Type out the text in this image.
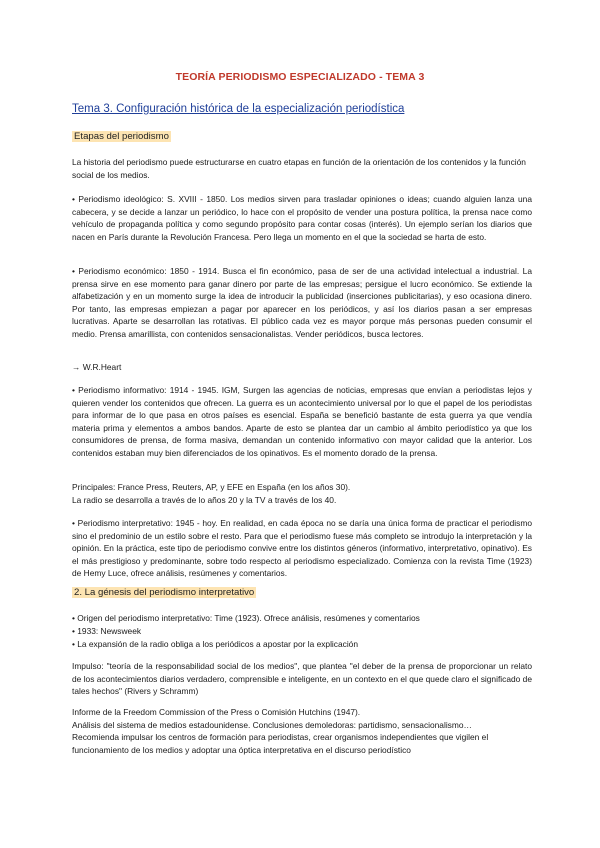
TEORÍA PERIODISMO ESPECIALIZADO - TEMA 3
Tema 3. Configuración histórica de la especialización periodística
Etapas del periodismo

La historia del periodismo puede estructurarse en cuatro etapas en función de la orientación de los contenidos y la función social de los medios.

• Periodismo ideológico: S. XVIII - 1850. Los medios sirven para trasladar opiniones o ideas; cuando alguien lanza una cabecera, y se decide a lanzar un periódico, lo hace con el propósito de vender una postura política, la prensa nace como vehículo de propaganda política y como segundo propósito para contar cosas (interés). Un ejemplo serían los diarios que nacen en París durante la Revolución Francesa. Pero llega un momento en el que la sociedad se harta de esto.

• Periodismo económico: 1850 - 1914. Busca el fin económico, pasa de ser de una actividad intelectual a industrial. La prensa sirve en ese momento para ganar dinero por parte de las empresas; persigue el lucro económico. Se extiende la alfabetización y en un momento surge la idea de introducir la publicidad (inserciones publicitarias), y eso ocasiona dinero. Por tanto, las empresas empiezan a pagar por aparecer en los periódicos, y así los diarios pasan a ser empresas lucrativas. Aparte se desarrollan las rotativas. El público cada vez es mayor porque más personas pueden consumir el medio. Prensa amarillista, con contenidos sensacionalistas. Vender periódicos, busca lectores.

→ W.R.Heart

• Periodismo informativo: 1914 - 1945. IGM, Surgen las agencias de noticias, empresas que envían a periodistas lejos y quieren vender los contenidos que ofrecen. La guerra es un acontecimiento universal por lo que el papel de los periodistas para informar de lo que pasa en otros países es esencial. España se benefició bastante de esta guerra ya que vendía materia prima y elementos a ambos bandos. Aparte de esto se plantea dar un cambio al ámbito periodístico ya que los consumidores de prensa, de forma masiva, demandan un contenido informativo con mayor calidad que la anterior. Los contenidos estaban muy bien diferenciados de los opinativos. Es el momento dorado de la prensa.

Principales: France Press, Reuters, AP, y EFE en España (en los años 30).

La radio se desarrolla a través de lo años 20 y la TV a través de los 40.

• Periodismo interpretativo: 1945 - hoy. En realidad, en cada época no se daría una única forma de practicar el periodismo sino el predominio de un estilo sobre el resto. Para que el periodismo fuese más completo se introdujo la interpretación y la opinión. En la práctica, este tipo de periodismo convive entre los distintos géneros (informativo, interpretativo, opinativo). Es el más prestigioso y predominante, sobre todo respecto al periodismo especializado. Comienza con la revista Time (1923) de Hemy Luce, ofrece análisis, resúmenes y comentarios.

2. La génesis del periodismo interpretativo

• Origen del periodismo interpretativo: Time (1923). Ofrece análisis, resúmenes y comentarios

• 1933: Newsweek

• La expansión de la radio obliga a los periódicos a apostar por la explicación

Impulso: "teoría de la responsabilidad social de los medios", que plantea "el deber de la prensa de proporcionar un relato de los acontecimientos diarios verdadero, comprensible e inteligente, en un contexto en el que quede claro el significado de tales hechos" (Rivers y Schramm)

Informe de la Freedom Commission of the Press o Comisión Hutchins (1947).
Análisis del sistema de medios estadounidense. Conclusiones demoledoras: partidismo, sensacionalismo…
Recomienda impulsar los centros de formación para periodistas, crear organismos independientes que vigilen el funcionamiento de los medios y adoptar una óptica interpretativa en el discurso periodístico
